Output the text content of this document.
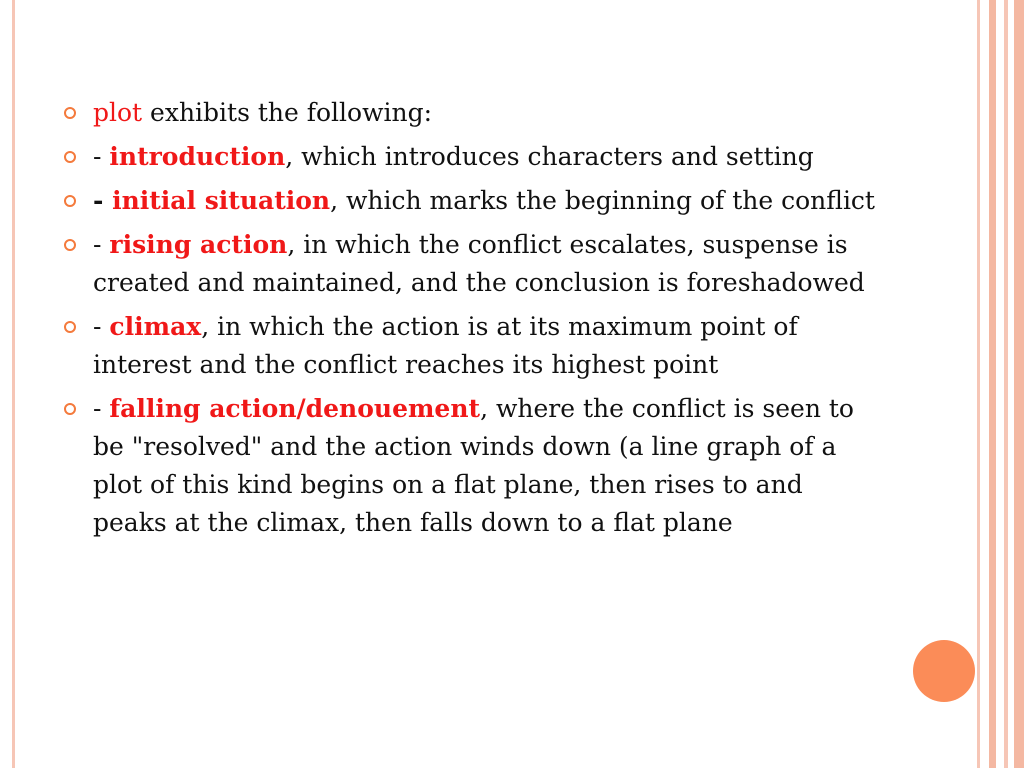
plot exhibits the following:
- introduction, which introduces characters and setting
- initial situation, which marks the beginning of the conflict
- rising action, in which the conflict escalates, suspense is created and maintained, and the conclusion is foreshadowed
- climax, in which the action is at its maximum point of interest and the conflict reaches its highest point
- falling action/denouement, where the conflict is seen to be "resolved" and the action winds down (a line graph of a plot of this kind begins on a flat plane, then rises to and peaks at the climax, then falls down to a flat plane
